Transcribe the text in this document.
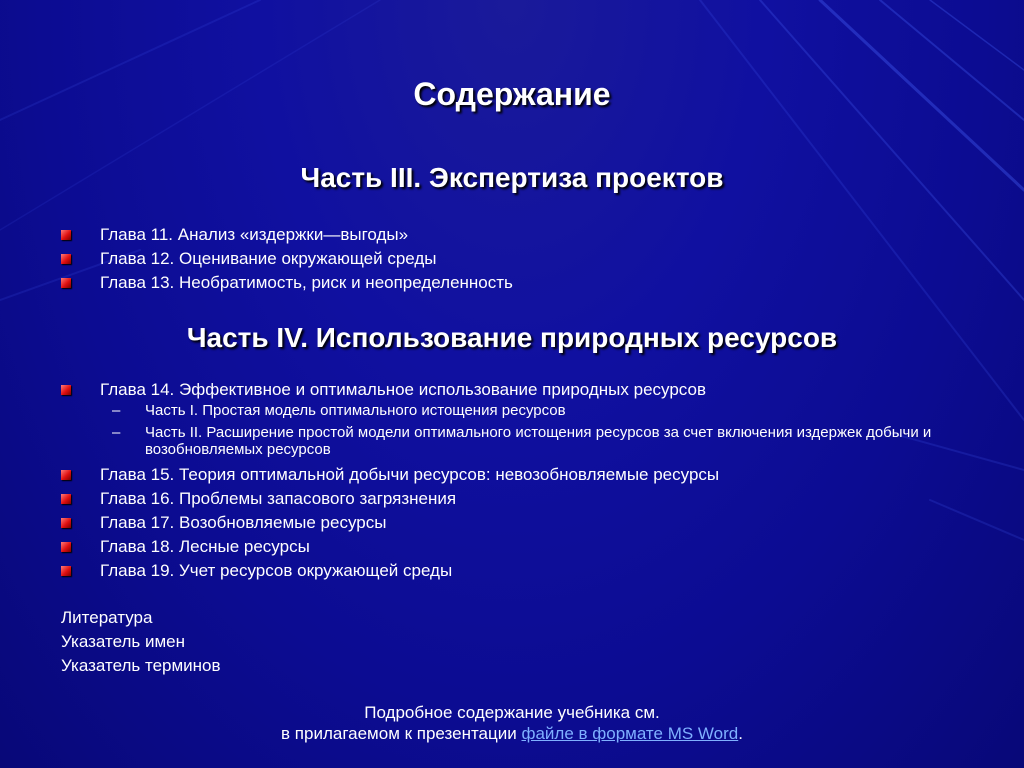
Содержание
Часть III. Экспертиза проектов
Глава 11. Анализ «издержки—выгоды»
Глава 12. Оценивание окружающей среды
Глава 13. Необратимость, риск и неопределенность
Часть IV. Использование природных ресурсов
Глава 14. Эффективное и оптимальное использование природных ресурсов
– Часть I. Простая модель оптимального истощения ресурсов
– Часть II. Расширение простой модели оптимального истощения ресурсов за счет включения издержек добычи и возобновляемых ресурсов
Глава 15. Теория оптимальной добычи ресурсов: невозобновляемые ресурсы
Глава 16. Проблемы запасового загрязнения
Глава 17. Возобновляемые ресурсы
Глава 18. Лесные ресурсы
Глава 19. Учет ресурсов окружающей среды
Литература
Указатель имен
Указатель терминов
Подробное содержание учебника см.
в прилагаемом к презентации файле в формате MS Word.
